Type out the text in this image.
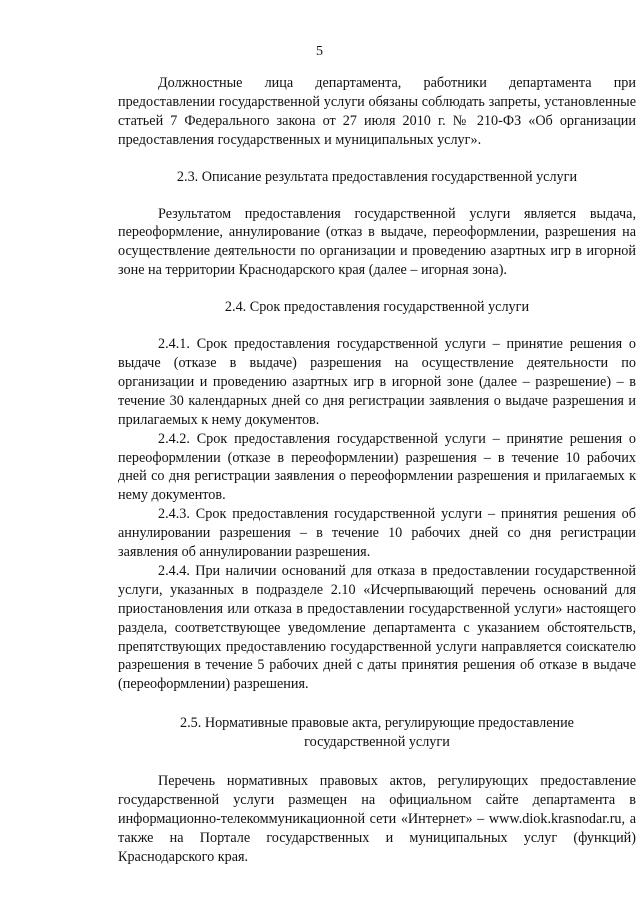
5

Должностные лица департамента, работники департамента при предоставлении государственной услуги обязаны соблюдать запреты, установленные статьей 7 Федерального закона от 27 июля 2010 г. № 210-ФЗ «Об организации предоставления государственных и муниципальных услуг».

2.3. Описание результата предоставления государственной услуги

Результатом предоставления государственной услуги является выдача, переоформление, аннулирование (отказ в выдаче, переоформлении, разрешения на осуществление деятельности по организации и проведению азартных игр в игорной зоне на территории Краснодарского края (далее – игорная зона).

2.4. Срок предоставления государственной услуги

2.4.1. Срок предоставления государственной услуги – принятие решения о выдаче (отказе в выдаче) разрешения на осуществление деятельности по организации и проведению азартных игр в игорной зоне (далее – разрешение) – в течение 30 календарных дней со дня регистрации заявления о выдаче разрешения и прилагаемых к нему документов.

2.4.2. Срок предоставления государственной услуги – принятие решения о переоформлении (отказе в переоформлении) разрешения – в течение 10 рабочих дней со дня регистрации заявления о переоформлении разрешения и прилагаемых к нему документов.

2.4.3. Срок предоставления государственной услуги – принятия решения об аннулировании разрешения – в течение 10 рабочих дней со дня регистрации заявления об аннулировании разрешения.

2.4.4. При наличии оснований для отказа в предоставлении государственной услуги, указанных в подразделе 2.10 «Исчерпывающий перечень оснований для приостановления или отказа в предоставлении государственной услуги» настоящего раздела, соответствующее уведомление департамента с указанием обстоятельств, препятствующих предоставлению государственной услуги направляется соискателю разрешения в течение 5 рабочих дней с даты принятия решения об отказе в выдаче (переоформлении) разрешения.

2.5. Нормативные правовые акта, регулирующие предоставление

государственной услуги

Перечень нормативных правовых актов, регулирующих предоставление государственной услуги размещен на официальном сайте департамента в информационно-телекоммуникационной сети «Интернет» – www.diok.krasnodar.ru, а также на Портале государственных и муниципальных услуг (функций) Краснодарского края.
